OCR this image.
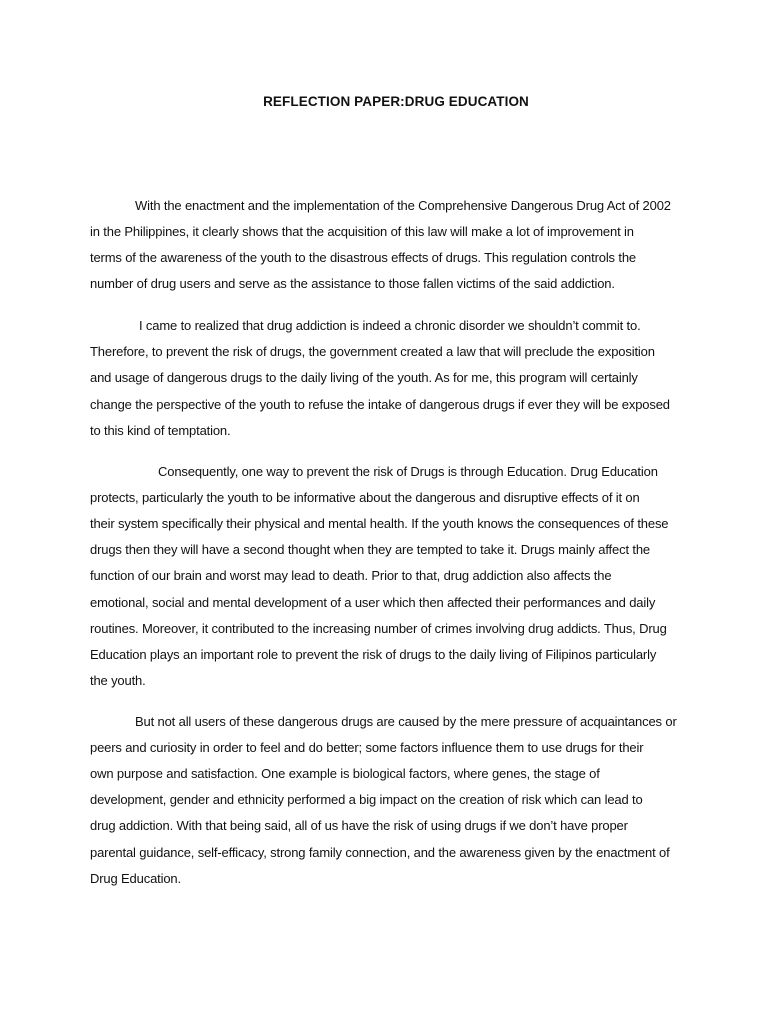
REFLECTION PAPER:DRUG EDUCATION
With the enactment and the implementation of the Comprehensive Dangerous Drug Act of 2002
in the Philippines, it clearly shows that the acquisition of this law will make a lot of improvement in
terms of the awareness of the youth to the disastrous effects of drugs. This regulation controls the
number of drug users and serve as the assistance to those fallen victims of the said addiction.
I came to realized that drug addiction is indeed a chronic disorder we shouldn’t commit to.
Therefore, to prevent the risk of drugs, the government created a law that will preclude the exposition
and usage of dangerous drugs to the daily living of the youth. As for me, this program will certainly
change the perspective of the youth to refuse the intake of dangerous drugs if ever they will be exposed
to this kind of temptation.
Consequently, one way to prevent the risk of Drugs is through Education. Drug Education
protects, particularly the youth to be informative about the dangerous and disruptive effects of it on
their system specifically their physical and mental health. If the youth knows the consequences of these
drugs then they will have a second thought when they are tempted to take it. Drugs mainly affect the
function of our brain and worst may lead to death. Prior to that, drug addiction also affects the
emotional, social and mental development of a user which then affected their performances and daily
routines. Moreover, it contributed to the increasing number of crimes involving drug addicts. Thus, Drug
Education plays an important role to prevent the risk of drugs to the daily living of Filipinos particularly
the youth.
But not all users of these dangerous drugs are caused by the mere pressure of acquaintances or
peers and curiosity in order to feel and do better; some factors influence them to use drugs for their
own purpose and satisfaction. One example is biological factors, where genes, the stage of
development, gender and ethnicity performed a big impact on the creation of risk which can lead to
drug addiction. With that being said, all of us have the risk of using drugs if we don’t have proper
parental guidance, self-efficacy, strong family connection, and the awareness given by the enactment of
Drug Education.
